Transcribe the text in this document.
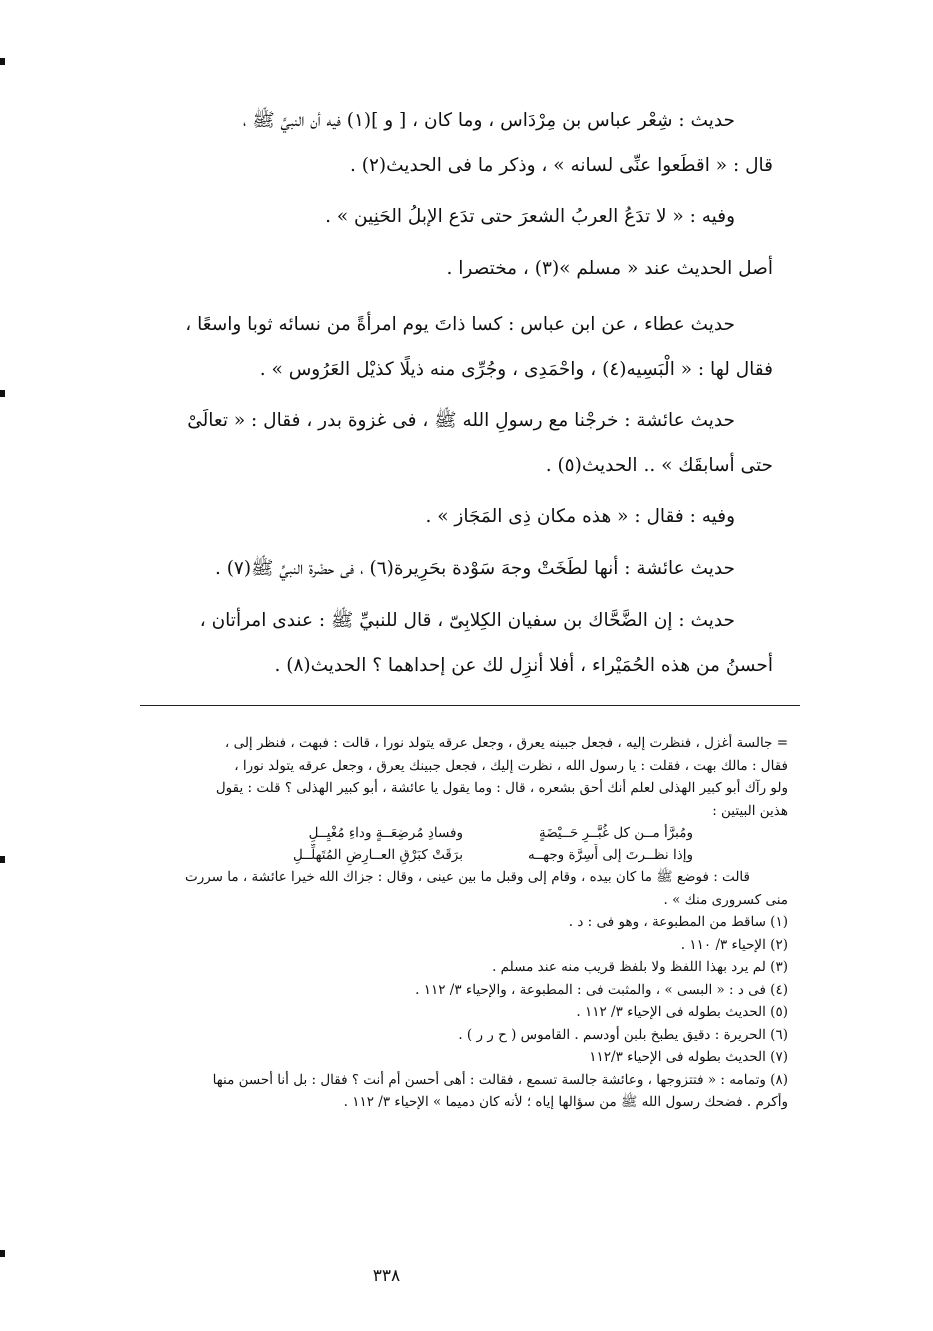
حديث : شِعْر عباس بن مِرْدَاس ، وما كان ، [ و ](١) فيه أن النبيَّ ﷺ ،
قال : « اقطَعوا عنِّى لسانه » ، وذكر ما فى الحديث(٢) .
وفيه : « لا تدَعُ العربُ الشعرَ حتى تدَع الإبلُ الحَنِين » .
أصل الحديث عند « مسلم »(٣) ، مختصرا .
حديث عطاء ، عن ابن عباس : كسا ذاتَ يوم امرأةً من نسائه ثوبا واسعًا ،
فقال لها : « الْبَسِيه(٤) ، واحْمَدِى ، وجُرِّى منه ذيلًا كذيْل العَرُوس » .
حديث عائشة : خرجْنا مع رسولِ الله ﷺ ، فى غزوة بدر ، فقال : « تعالَىْ
حتى أسابقَك » .. الحديث(٥) .
وفيه : فقال : « هذه مكان ذِى المَجَاز » .
حديث عائشة : أنها لطَخَتْ وجهَ سَوْدة بحَرِيرة(٦) ، فى حضْرة النبيِّ ﷺ(٧) .
حديث : إن الضَّحَّاك بن سفيان الكِلابِىّ ، قال للنبيِّ ﷺ : عندى امرأتان ،
أحسنُ من هذه الحُمَيْراء ، أفلا أنزِل لك عن إحداهما ؟ الحديث(٨) .
= جالسة أغزل ، فنظرت إليه ، فجعل جبينه يعرق ، وجعل عرقه يتولد نورا ، قالت : فبهت ، فنظر إلى ،
فقال : مالك بهت ، فقلت : يا رسول الله ، نظرت إليك ، فجعل جبينك يعرق ، وجعل عرقه يتولد نورا ،
ولو رآك أبو كبير الهذلى لعلم أنك أحق بشعره ، قال : وما يقول يا عائشة ، أبو كبير الهذلى ؟ قلت : يقول
هذين البيتين :
ومُبرَّأ مــن كل غُبَّــرِ حَــيْضَةٍوفسادِ مُرضِعَــةٍ وداءِ مُغْيِــلِ
وإذا نظــرتَ إلى أَسِرَّة وجهــهبرَقَتْ كبَرْقِ العــارِضِ المُتَهلِّــلِ
قالت : فوضع ﷺ ما كان بيده ، وقام إلى وقبل ما بين عينى ، وقال : جزاك الله خيرا عائشة ، ما سررت
منى كسرورى منك » .
(١) ساقط من المطبوعة ، وهو فى : د .
(٢) الإحياء ٣/ ١١٠ .
(٣) لم يرد بهذا اللفظ ولا بلفظ قريب منه عند مسلم .
(٤) فى د : « البسى » ، والمثبت فى : المطبوعة ، والإحياء ٣/ ١١٢ .
(٥) الحديث بطوله فى الإحياء ٣/ ١١٢ .
(٦) الحريرة : دقيق يطبخ بلبن أودسم . القاموس ( ح ر ر ) .
(٧) الحديث بطوله فى الإحياء ١١٢/٣
(٨) وتمامه : « فتتزوجها ، وعائشة جالسة تسمع ، فقالت : أهى أحسن أم أنت ؟ فقال : بل أنا أحسن منها
وأكرم . فضحك رسول الله ﷺ من سؤالها إياه ؛ لأنه كان دميما » الإحياء ٣/ ١١٢ .
٣٣٨
